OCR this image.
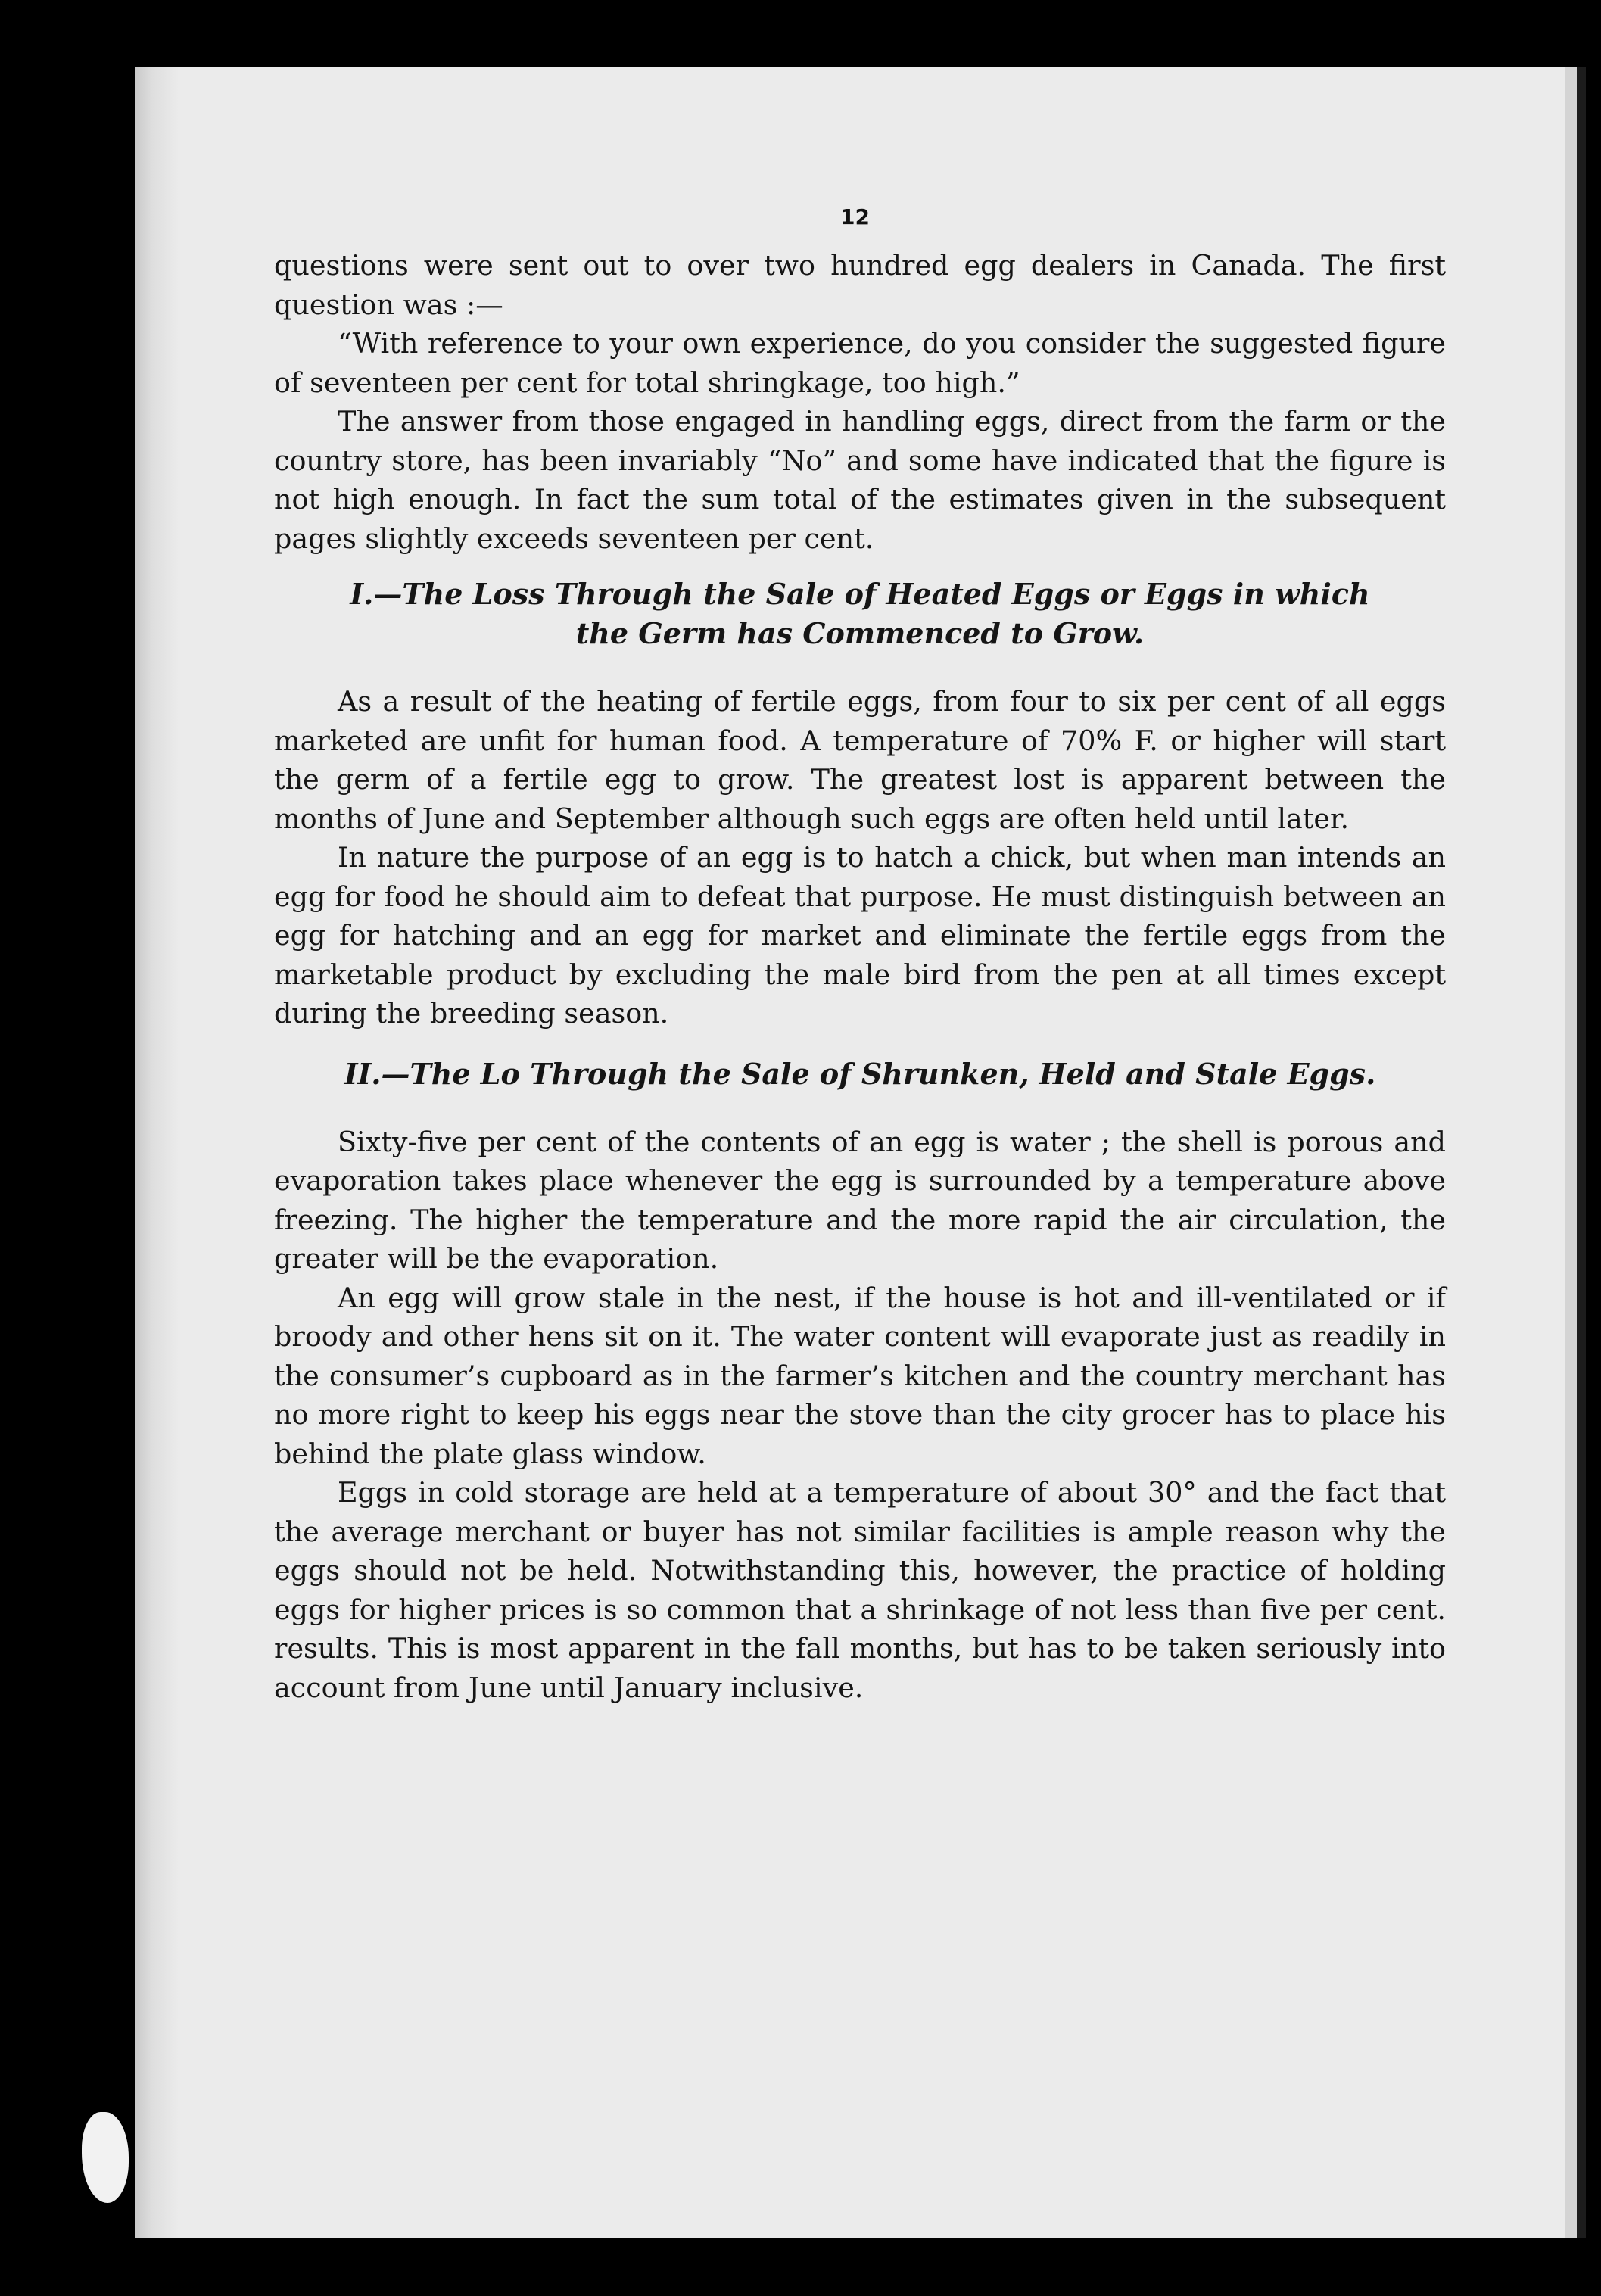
12

questions were sent out to over two hundred egg dealers in Canada. The first question was :—

“With reference to your own experience, do you consider the suggested figure of seventeen per cent for total shringkage, too high.”

The answer from those engaged in handling eggs, direct from the farm or the country store, has been invariably “No” and some have indicated that the figure is not high enough. In fact the sum total of the estimates given in the subsequent pages slightly exceeds seventeen per cent.

I.—The Loss Through the Sale of Heated Eggs or Eggs in which the Germ has Commenced to Grow.

As a result of the heating of fertile eggs, from four to six per cent of all eggs marketed are unfit for human food. A temperature of 70% F. or higher will start the germ of a fertile egg to grow. The greatest lost is apparent between the months of June and September although such eggs are often held until later.

In nature the purpose of an egg is to hatch a chick, but when man intends an egg for food he should aim to defeat that purpose. He must distinguish between an egg for hatching and an egg for market and eliminate the fertile eggs from the marketable product by excluding the male bird from the pen at all times except during the breeding season.

II.—The Lo Through the Sale of Shrunken, Held and Stale Eggs.

Sixty-five per cent of the contents of an egg is water ; the shell is porous and evaporation takes place whenever the egg is surrounded by a temperature above freezing. The higher the temperature and the more rapid the air circulation, the greater will be the evaporation.

An egg will grow stale in the nest, if the house is hot and ill-ventilated or if broody and other hens sit on it. The water content will evaporate just as readily in the consumer’s cupboard as in the farmer’s kitchen and the country merchant has no more right to keep his eggs near the stove than the city grocer has to place his behind the plate glass window.

Eggs in cold storage are held at a temperature of about 30° and the fact that the average merchant or buyer has not similar facilities is ample reason why the eggs should not be held. Notwithstanding this, however, the practice of holding eggs for higher prices is so common that a shrinkage of not less than five per cent. results. This is most apparent in the fall months, but has to be taken seriously into account from June until January inclusive.
